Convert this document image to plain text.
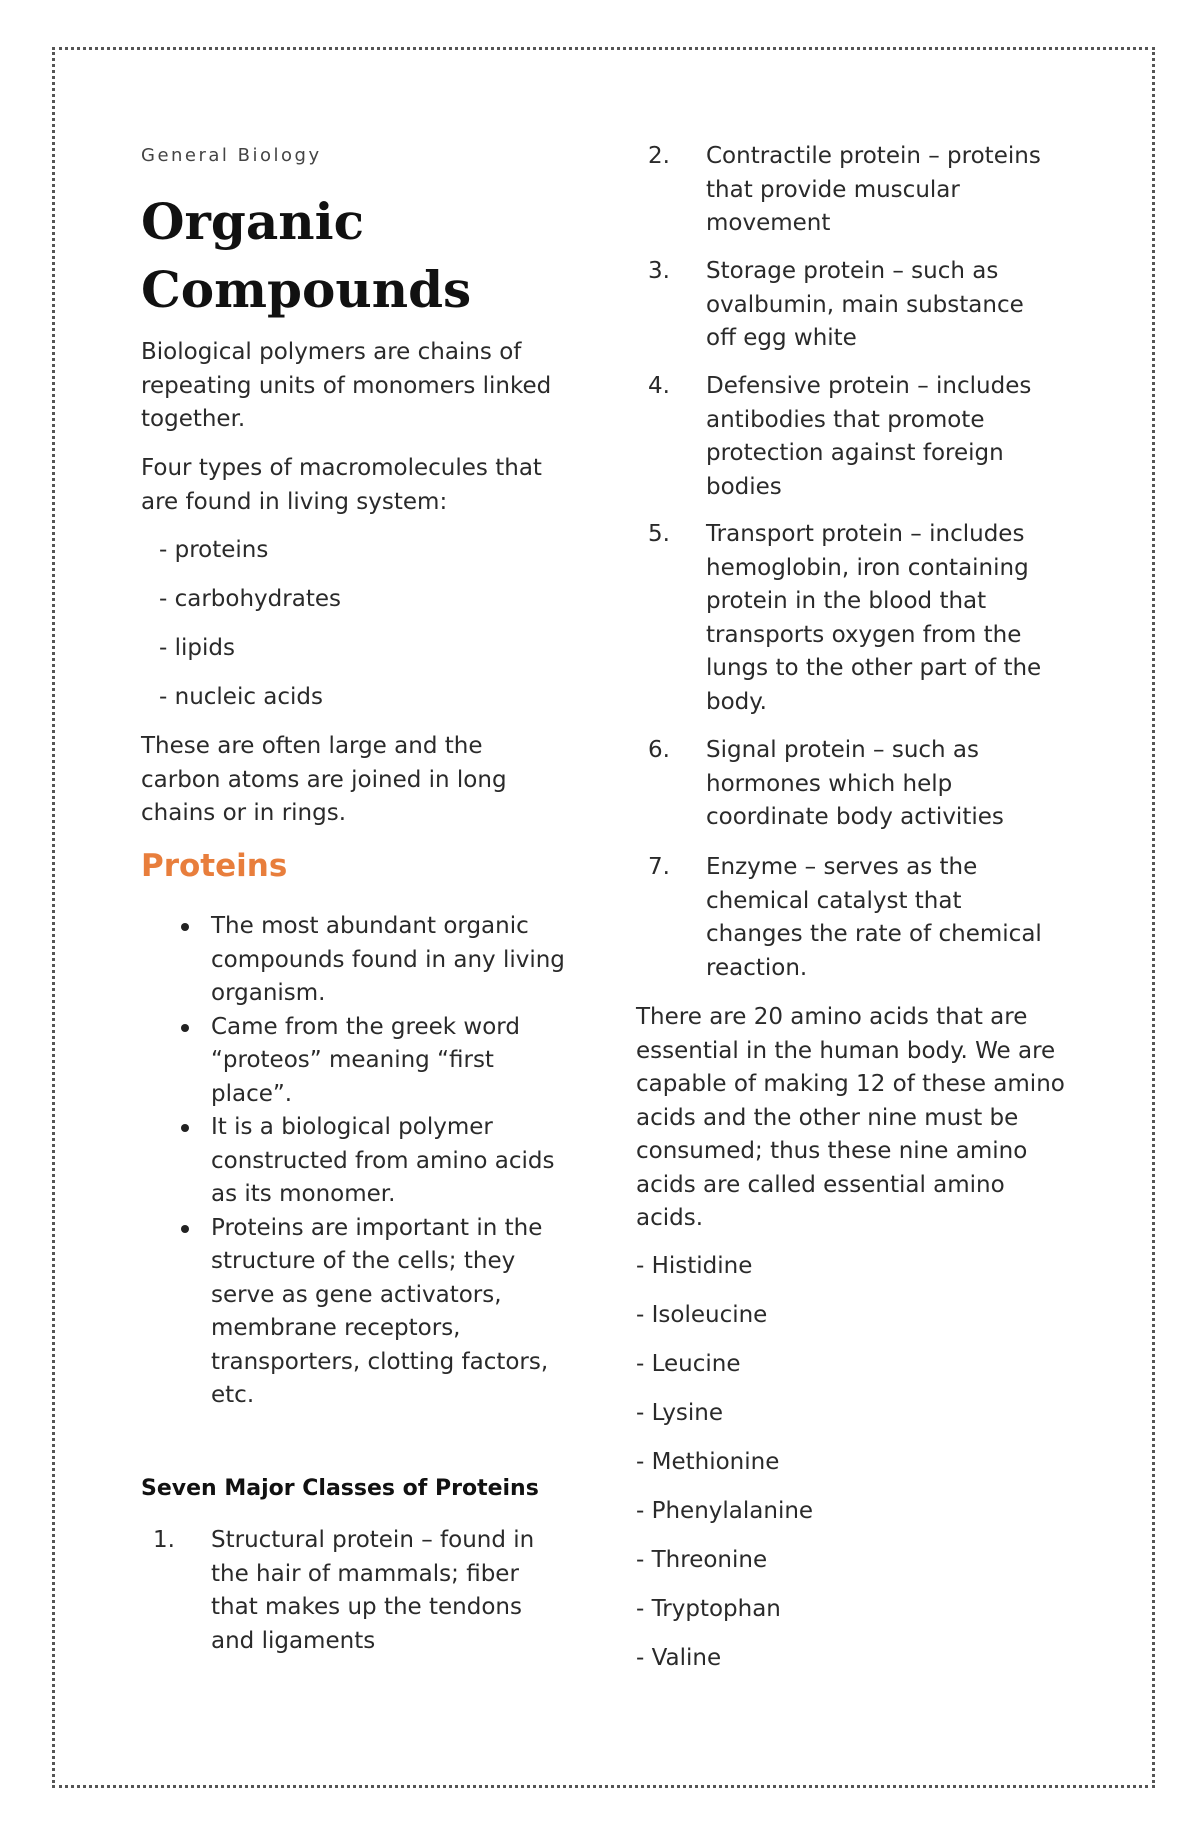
General Biology
Organic Compounds

Biological polymers are chains of repeating units of monomers linked together.

Four types of macromolecules that are found in living system:

- proteins
- carbohydrates
- lipids
- nucleic acids

These are often large and the carbon atoms are joined in long chains or in rings.

Proteins
The most abundant organic compounds found in any living organism.
Came from the greek word “proteos” meaning “first place”.
It is a biological polymer constructed from amino acids as its monomer.
Proteins are important in the structure of the cells; they serve as gene activators, membrane receptors, transporters, clotting factors, etc.
Seven Major Classes of Proteins
1. Structural protein – found in the hair of mammals; fiber that makes up the tendons and ligaments
2. Contractile protein – proteins that provide muscular movement
3. Storage protein – such as ovalbumin, main substance off egg white
4. Defensive protein – includes antibodies that promote protection against foreign bodies
5. Transport protein – includes hemoglobin, iron containing protein in the blood that transports oxygen from the lungs to the other part of the body.
6. Signal protein – such as hormones which help coordinate body activities
7. Enzyme – serves as the chemical catalyst that changes the rate of chemical reaction.

There are 20 amino acids that are essential in the human body. We are capable of making 12 of these amino acids and the other nine must be consumed; thus these nine amino acids are called essential amino acids.

- Histidine
- Isoleucine
- Leucine
- Lysine
- Methionine
- Phenylalanine
- Threonine
- Tryptophan
- Valine
